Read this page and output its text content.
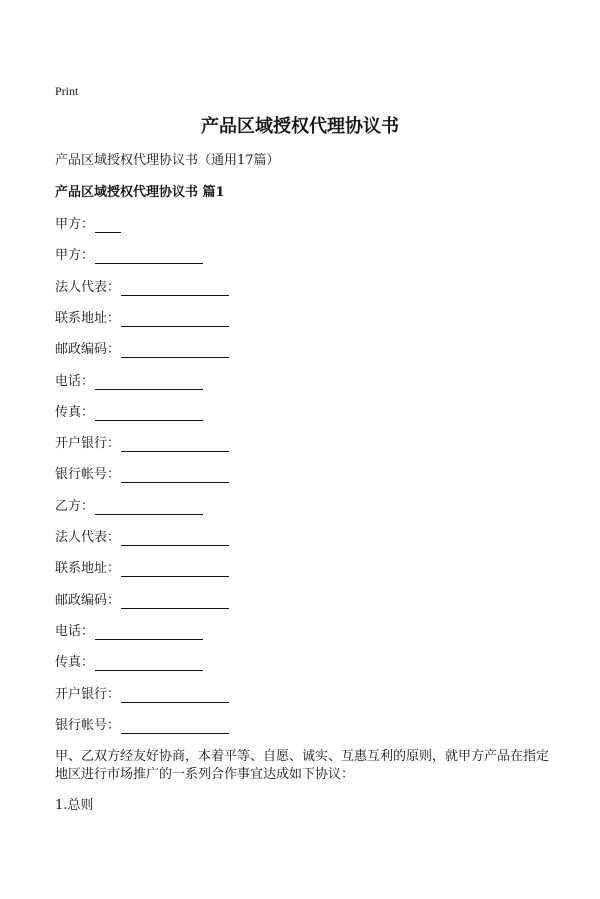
Print
产品区域授权代理协议书
产品区域授权代理协议书（通用17篇）
产品区域授权代理协议书 篇1
甲方：
甲方：
法人代表：
联系地址：
邮政编码：
电话：
传真：
开户银行：
银行帐号：
乙方：
法人代表：
联系地址：
邮政编码：
电话：
传真：
开户银行：
银行帐号：
甲、乙双方经友好协商，本着平等、自愿、诚实、互惠互利的原则，就甲方产品在指定地区进行市场推广的一系列合作事宜达成如下协议：
1.总则
